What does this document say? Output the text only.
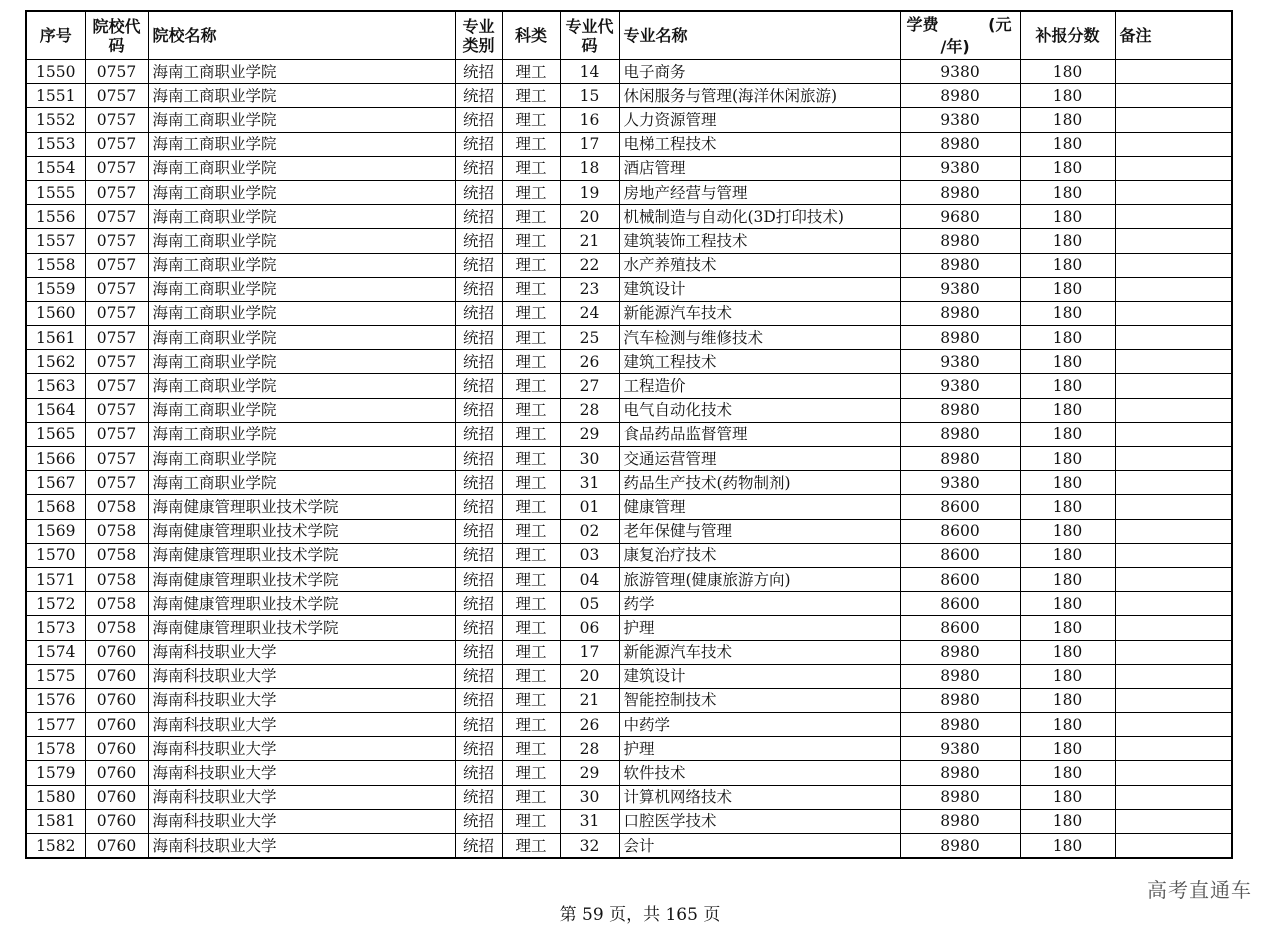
序号	院校代码	院校名称	专业类别	科类	专业代码	专业名称	学费 (元
/年)	补报分数	备注
1550	0757	海南工商职业学院	统招	理工	14	电子商务	9380	180	
1551	0757	海南工商职业学院	统招	理工	15	休闲服务与管理(海洋休闲旅游)	8980	180	
1552	0757	海南工商职业学院	统招	理工	16	人力资源管理	9380	180	
1553	0757	海南工商职业学院	统招	理工	17	电梯工程技术	8980	180	
1554	0757	海南工商职业学院	统招	理工	18	酒店管理	9380	180	
1555	0757	海南工商职业学院	统招	理工	19	房地产经营与管理	8980	180	
1556	0757	海南工商职业学院	统招	理工	20	机械制造与自动化(3D打印技术)	9680	180	
1557	0757	海南工商职业学院	统招	理工	21	建筑装饰工程技术	8980	180	
1558	0757	海南工商职业学院	统招	理工	22	水产养殖技术	8980	180	
1559	0757	海南工商职业学院	统招	理工	23	建筑设计	9380	180	
1560	0757	海南工商职业学院	统招	理工	24	新能源汽车技术	8980	180	
1561	0757	海南工商职业学院	统招	理工	25	汽车检测与维修技术	8980	180	
1562	0757	海南工商职业学院	统招	理工	26	建筑工程技术	9380	180	
1563	0757	海南工商职业学院	统招	理工	27	工程造价	9380	180	
1564	0757	海南工商职业学院	统招	理工	28	电气自动化技术	8980	180	
1565	0757	海南工商职业学院	统招	理工	29	食品药品监督管理	8980	180	
1566	0757	海南工商职业学院	统招	理工	30	交通运营管理	8980	180	
1567	0757	海南工商职业学院	统招	理工	31	药品生产技术(药物制剂)	9380	180	
1568	0758	海南健康管理职业技术学院	统招	理工	01	健康管理	8600	180	
1569	0758	海南健康管理职业技术学院	统招	理工	02	老年保健与管理	8600	180	
1570	0758	海南健康管理职业技术学院	统招	理工	03	康复治疗技术	8600	180	
1571	0758	海南健康管理职业技术学院	统招	理工	04	旅游管理(健康旅游方向)	8600	180	
1572	0758	海南健康管理职业技术学院	统招	理工	05	药学	8600	180	
1573	0758	海南健康管理职业技术学院	统招	理工	06	护理	8600	180	
1574	0760	海南科技职业大学	统招	理工	17	新能源汽车技术	8980	180	
1575	0760	海南科技职业大学	统招	理工	20	建筑设计	8980	180	
1576	0760	海南科技职业大学	统招	理工	21	智能控制技术	8980	180	
1577	0760	海南科技职业大学	统招	理工	26	中药学	8980	180	
1578	0760	海南科技职业大学	统招	理工	28	护理	9380	180	
1579	0760	海南科技职业大学	统招	理工	29	软件技术	8980	180	
1580	0760	海南科技职业大学	统招	理工	30	计算机网络技术	8980	180	
1581	0760	海南科技职业大学	统招	理工	31	口腔医学技术	8980	180	
1582	0760	海南科技职业大学	统招	理工	32	会计	8980	180	
高考直通车
第 59 页，共 165 页
